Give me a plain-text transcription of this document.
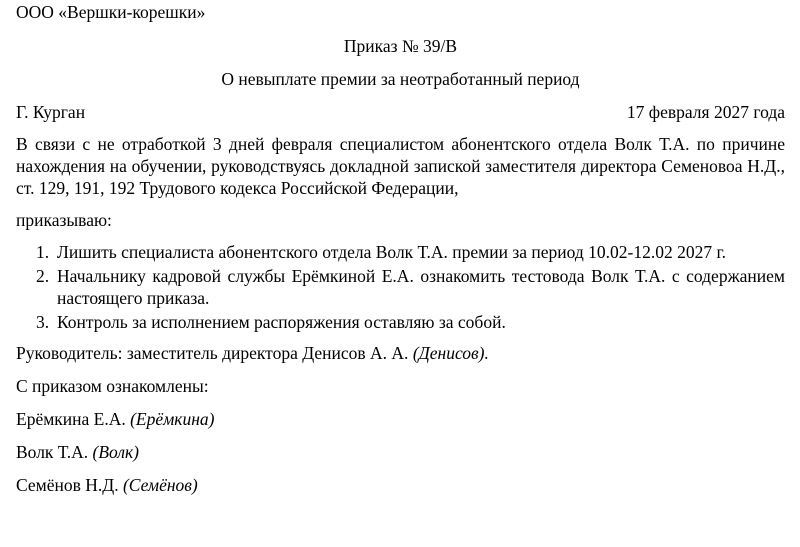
ООО «Вершки-корешки»
Приказ № 39/В
О невыплате премии за неотработанный период
Г. Курган	17 февраля 2027 года
В связи с не отработкой 3 дней февраля специалистом абонентского отдела Волк Т.А. по причине нахождения на обучении, руководствуясь докладной запиской заместителя директора Семеновоа Н.Д., ст. 129, 191, 192 Трудового кодекса Российской Федерации,
приказываю:
1. Лишить специалиста абонентского отдела Волк Т.А. премии за период 10.02-12.02 2027 г.
2. Начальнику кадровой службы Ерёмкиной Е.А. ознакомить тестовода Волк Т.А. с содержанием настоящего приказа.
3. Контроль за исполнением распоряжения оставляю за собой.
Руководитель: заместитель директора Денисов А. А. (Денисов).
С приказом ознакомлены:
Ерёмкина Е.А. (Ерёмкина)
Волк Т.А. (Волк)
Семёнов Н.Д. (Семёнов)
